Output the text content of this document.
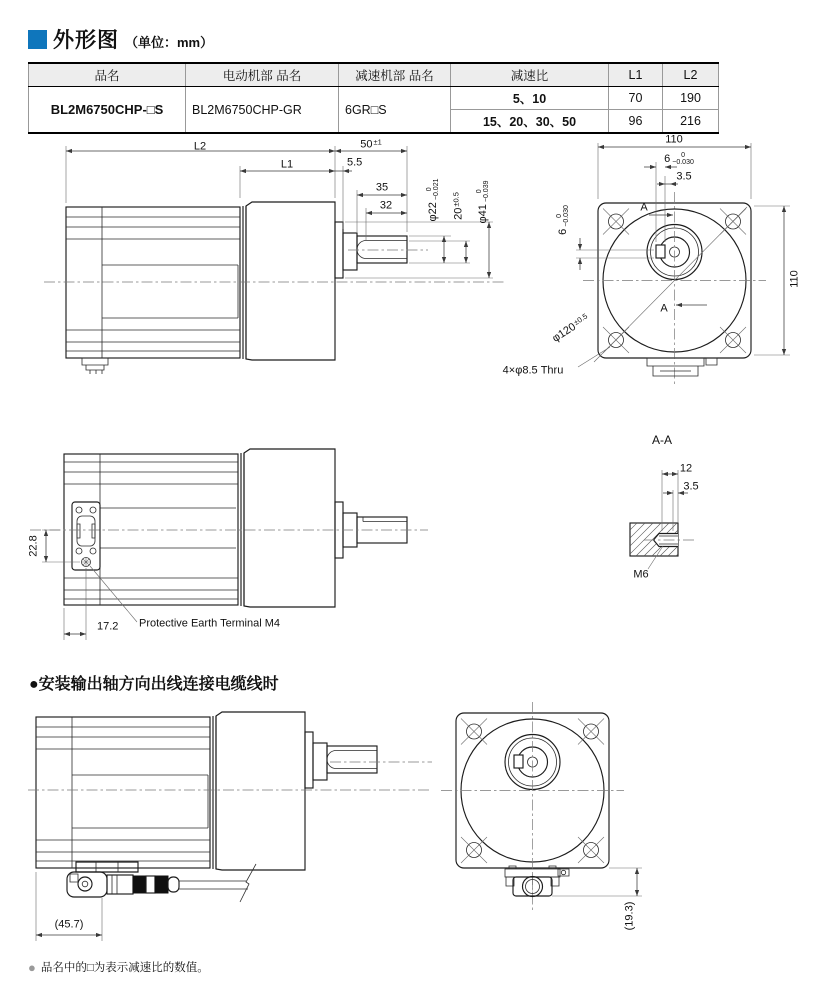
外形图 （单位：mm）
品名	电动机部 品名	减速机部 品名	减速比	L1	L2
BL2M6750CHP-□S	BL2M6750CHP-GR	6GR□S	5、10	70	190
			15、20、30、50	96	216
L2
L1
50 ±1
5.5
35
32	φ22
0 −0.021
20
±0.5
φ41
0 −0.039
110
6 0
−0.030
3.5
A
A
110
φ120
±0.5
4×φ8.5 Thru
6
0 −0.030
22.8
17.2 Protective Earth Terminal M4
A-A
12
3.5
M6
(45.7)	(19.3)
●安装输出轴方向出线连接电缆线时
● 品名中的□为表示减速比的数值。
